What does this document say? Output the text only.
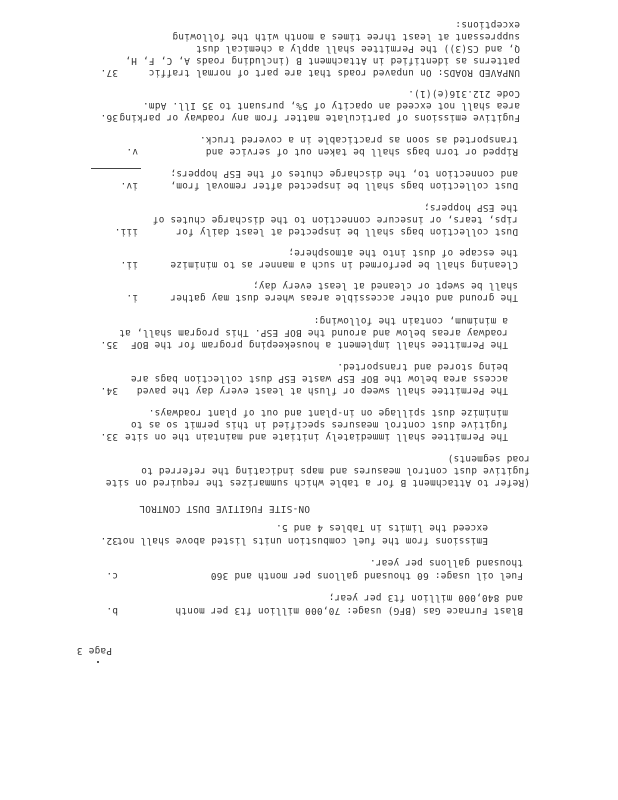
Page 3
b.	Blast Furnace Gas (BFG) usage: 70,000 million ft3 per month
and 840,000 million ft3 per year;
c.	Fuel oil usage: 60 thousand gallons per month and 360
thousand gallons per year.
32.
Emissions from the fuel combustion units listed above shall not
exceed the limits in Tables 4 and 5.
ON-SITE FUGITIVE DUST CONTROL
(Refer to Attachment B for a table which summarizes the required on site
fugitive dust control measures and maps indicating the referred to
road segments)
33. The Permittee shall immediately initiate and maintain the on site
fugitive dust control measures specified in this permit so as to
minimize dust spillage on in-plant and out of plant roadways.
34. The Permittee shall sweep or flush at least every day the paved
access area below the BOF ESP waste ESP dust collection bags are
being stored and transported.
35. The Permittee shall implement a housekeeping program for the BOF
roadway areas below and around the BOF ESP. This program shall, at
a minimum, contain the following:
i.	The ground and other accessible areas where dust may gather
shall be swept or cleaned at least every day;
ii.	Cleaning shall be performed in such a manner as to minimize
the escape of dust into the atmosphere;
iii.	Dust collection bags shall be inspected at least daily for
rips, tears, or insecure connection to the discharge chutes of
the ESP hoppers;
iv.	Dust collection bags shall be inspected after removal from,
and connection to, the discharge chutes of the ESP hoppers;
v.	Ripped or torn bags shall be taken out of service and
transported as soon as practicable in a covered truck.
36. Fugitive emissions of particulate matter from any roadway or parking
area shall not exceed an opacity of 5%, pursuant to 35 Ill. Adm.
Code 212.316(e)(1).
37.	UNPAVED ROADS: On unpaved roads that are part of normal traffic
patterns as identified in Attachment B (including roads A, C, F, H,
Q, and CS(3)) the Permittee shall apply a chemical dust
suppressant at least three times a month with the following
exceptions:
